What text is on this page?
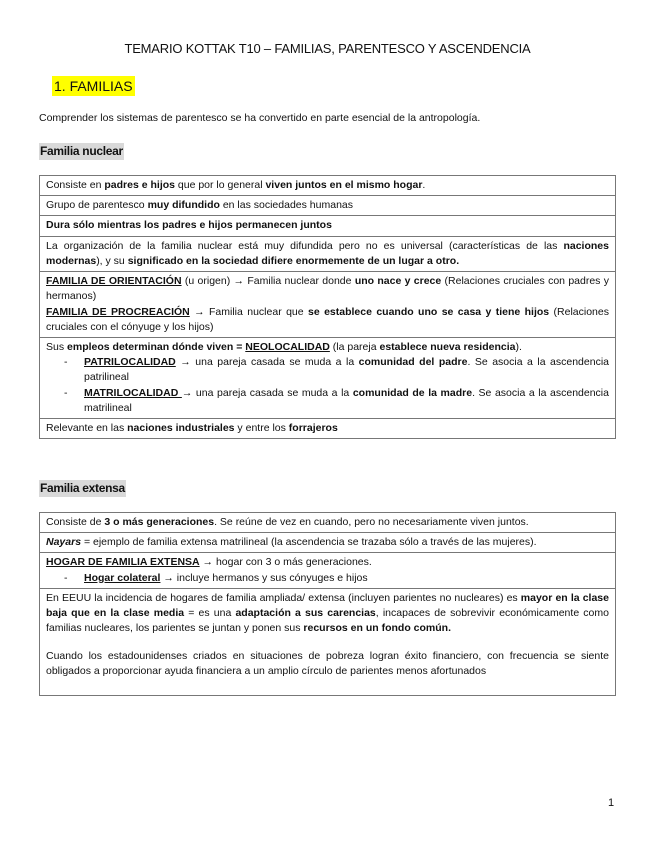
TEMARIO KOTTAK T10 – FAMILIAS, PARENTESCO Y ASCENDENCIA
1. FAMILIAS
Comprender los sistemas de parentesco se ha convertido en parte esencial de la antropología.
Familia nuclear
Consiste en padres e hijos que por lo general viven juntos en el mismo hogar.
Grupo de parentesco muy difundido en las sociedades humanas
Dura sólo mientras los padres e hijos permanecen juntos
La organización de la familia nuclear está muy difundida pero no es universal (características de las naciones modernas), y su significado en la sociedad difiere enormemente de un lugar a otro.

FAMILIA DE ORIENTACIÓN (u origen) → Familia nuclear donde uno nace y crece (Relaciones cruciales con padres y hermanos)
FAMILIA DE PROCREACIÓN → Familia nuclear que se establece cuando uno se casa y tiene hijos (Relaciones cruciales con el cónyuge y los hijos)

Sus empleos determinan dónde viven = NEOLOCALIDAD (la pareja establece nueva residencia).
- PATRILOCALIDAD → una pareja casada se muda a la comunidad del padre. Se asocia a la ascendencia patrilineal
- MATRILOCALIDAD → una pareja casada se muda a la comunidad de la madre. Se asocia a la ascendencia matrilineal

Relevante en las naciones industriales y entre los forrajeros
Familia extensa
Consiste de 3 o más generaciones. Se reúne de vez en cuando, pero no necesariamente viven juntos.
Nayars = ejemplo de familia extensa matrilineal (la ascendencia se trazaba sólo a través de las mujeres).

HOGAR DE FAMILIA EXTENSA → hogar con 3 o más generaciones.
- Hogar colateral → incluye hermanos y sus cónyuges e hijos

En EEUU la incidencia de hogares de familia ampliada/ extensa (incluyen parientes no nucleares) es mayor en la clase baja que en la clase media = es una adaptación a sus carencias, incapaces de sobrevivir económicamente como familias nucleares, los parientes se juntan y ponen sus recursos en un fondo común.
Cuando los estadounidenses criados en situaciones de pobreza logran éxito financiero, con frecuencia se siente obligados a proporcionar ayuda financiera a un amplio círculo de parientes menos afortunados
1
